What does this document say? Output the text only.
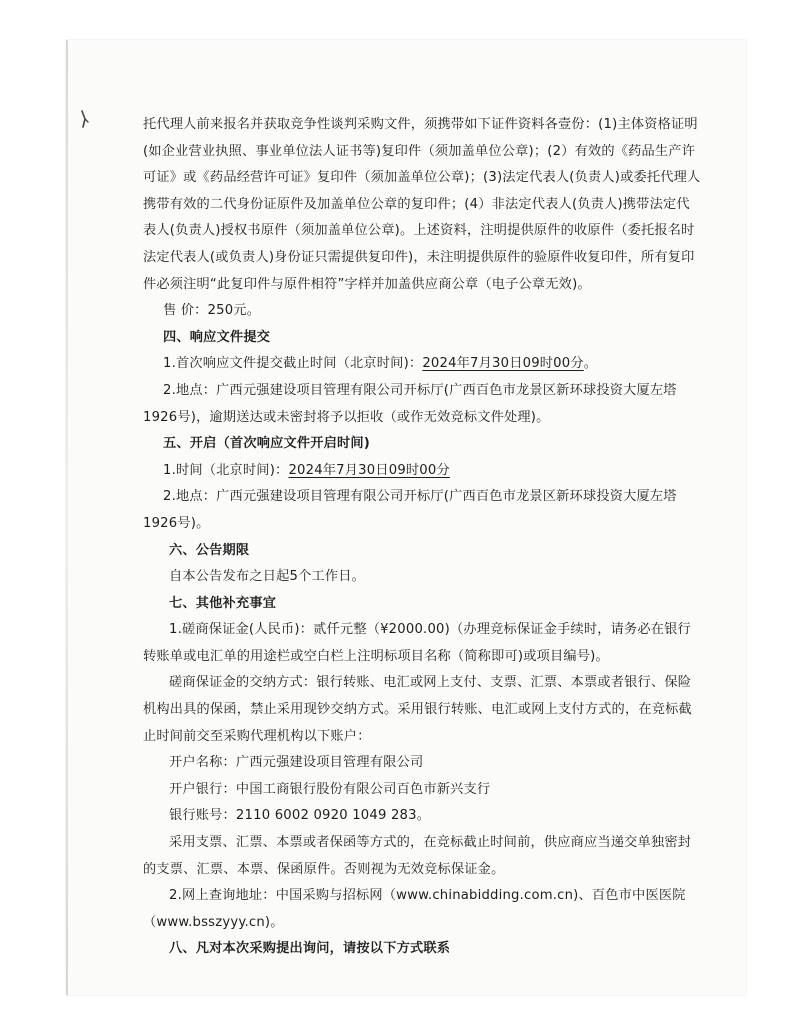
托代理人前来报名并获取竞争性谈判采购文件，须携带如下证件资料各壹份：(1)主体资格证明(如企业营业执照、事业单位法人证书等)复印件（须加盖单位公章)；(2）有效的《药品生产许可证》或《药品经营许可证》复印件（须加盖单位公章)；(3)法定代表人(负责人)或委托代理人携带有效的二代身份证原件及加盖单位公章的复印件；(4）非法定代表人(负责人)携带法定代表人(负责人)授权书原件（须加盖单位公章)。上述资料，注明提供原件的收原件（委托报名时法定代表人(或负责人)身份证只需提供复印件)，未注明提供原件的验原件收复印件，所有复印件必须注明“此复印件与原件相符”字样并加盖供应商公章（电子公章无效)。

售 价：250元。

四、响应文件提交

1.首次响应文件提交截止时间（北京时间)：2024年7月30日09时00分。

2.地点：广西元强建设项目管理有限公司开标厅(广西百色市龙景区新环球投资大厦左塔1926号)，逾期送达或未密封将予以拒收（或作无效竞标文件处理)。

五、开启（首次响应文件开启时间)

1.时间（北京时间)：2024年7月30日09时00分

2.地点：广西元强建设项目管理有限公司开标厅(广西百色市龙景区新环球投资大厦左塔1926号)。

六、公告期限

自本公告发布之日起5个工作日。

七、其他补充事宜

1.磋商保证金(人民币)：贰仟元整（¥2000.00)（办理竞标保证金手续时，请务必在银行转账单或电汇单的用途栏或空白栏上注明标项目名称（简称即可)或项目编号)。

磋商保证金的交纳方式：银行转账、电汇或网上支付、支票、汇票、本票或者银行、保险机构出具的保函，禁止采用现钞交纳方式。采用银行转账、电汇或网上支付方式的，在竞标截止时间前交至采购代理机构以下账户：

开户名称：广西元强建设项目管理有限公司

开户银行：中国工商银行股份有限公司百色市新兴支行

银行账号：2110 6002 0920 1049 283。

采用支票、汇票、本票或者保函等方式的，在竞标截止时间前，供应商应当递交单独密封的支票、汇票、本票、保函原件。否则视为无效竞标保证金。

2.网上查询地址：中国采购与招标网（www.chinabidding.com.cn)、百色市中医医院（www.bsszyyy.cn)。

八、凡对本次采购提出询问，请按以下方式联系
